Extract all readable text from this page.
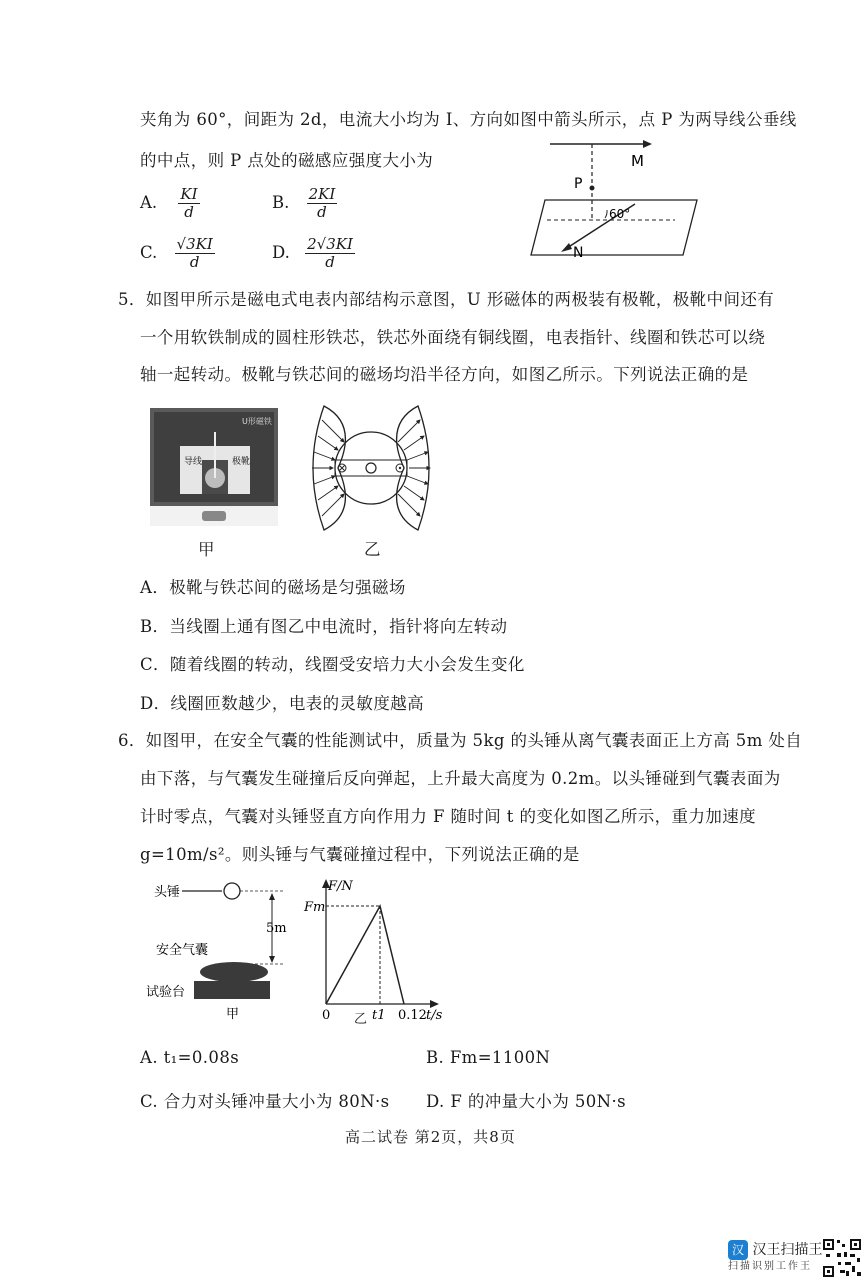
夹角为 60°，间距为 2d，电流大小均为 I、方向如图中箭头所示，点 P 为两导线公垂线
的中点，则 P 点处的磁感应强度大小为
A. $\frac{KI}{d}$	B. $\frac{2KI}{d}$
C. $\frac{√3KI}{d}$	D. $\frac{2√3KI}{d}$
M
P
N
60°
5．如图甲所示是磁电式电表内部结构示意图，U 形磁体的两极装有极靴，极靴中间还有
一个用软铁制成的圆柱形铁芯，铁芯外面绕有铜线圈，电表指针、线圈和铁芯可以绕
轴一起转动。极靴与铁芯间的磁场均沿半径方向，如图乙所示。下列说法正确的是
导线	极靴
U形磁铁
甲	乙
A．极靴与铁芯间的磁场是匀强磁场
B．当线圈上通有图乙中电流时，指针将向左转动
C．随着线圈的转动，线圈受安培力大小会发生变化
D．线圈匝数越少，电表的灵敏度越高
6．如图甲，在安全气囊的性能测试中，质量为 5kg 的头锤从离气囊表面正上方高 5m 处自
由下落，与气囊发生碰撞后反向弹起，上升最大高度为 0.2m。以头锤碰到气囊表面为
计时零点，气囊对头锤竖直方向作用力 F 随时间 t 的变化如图乙所示，重力加速度
g=10m/s²。则头锤与气囊碰撞过程中，下列说法正确的是
头锤
5m
安全气囊
试验台
甲
F/N
Fm
0	t1 0.12 t/s
乙
A. t₁=0.08s	B. Fm=1100N
C. 合力对头锤冲量大小为 80N·s D. F 的冲量大小为 50N·s
高二试卷 第2页，共8页
汉 汉王扫描王
扫描识别工作王
